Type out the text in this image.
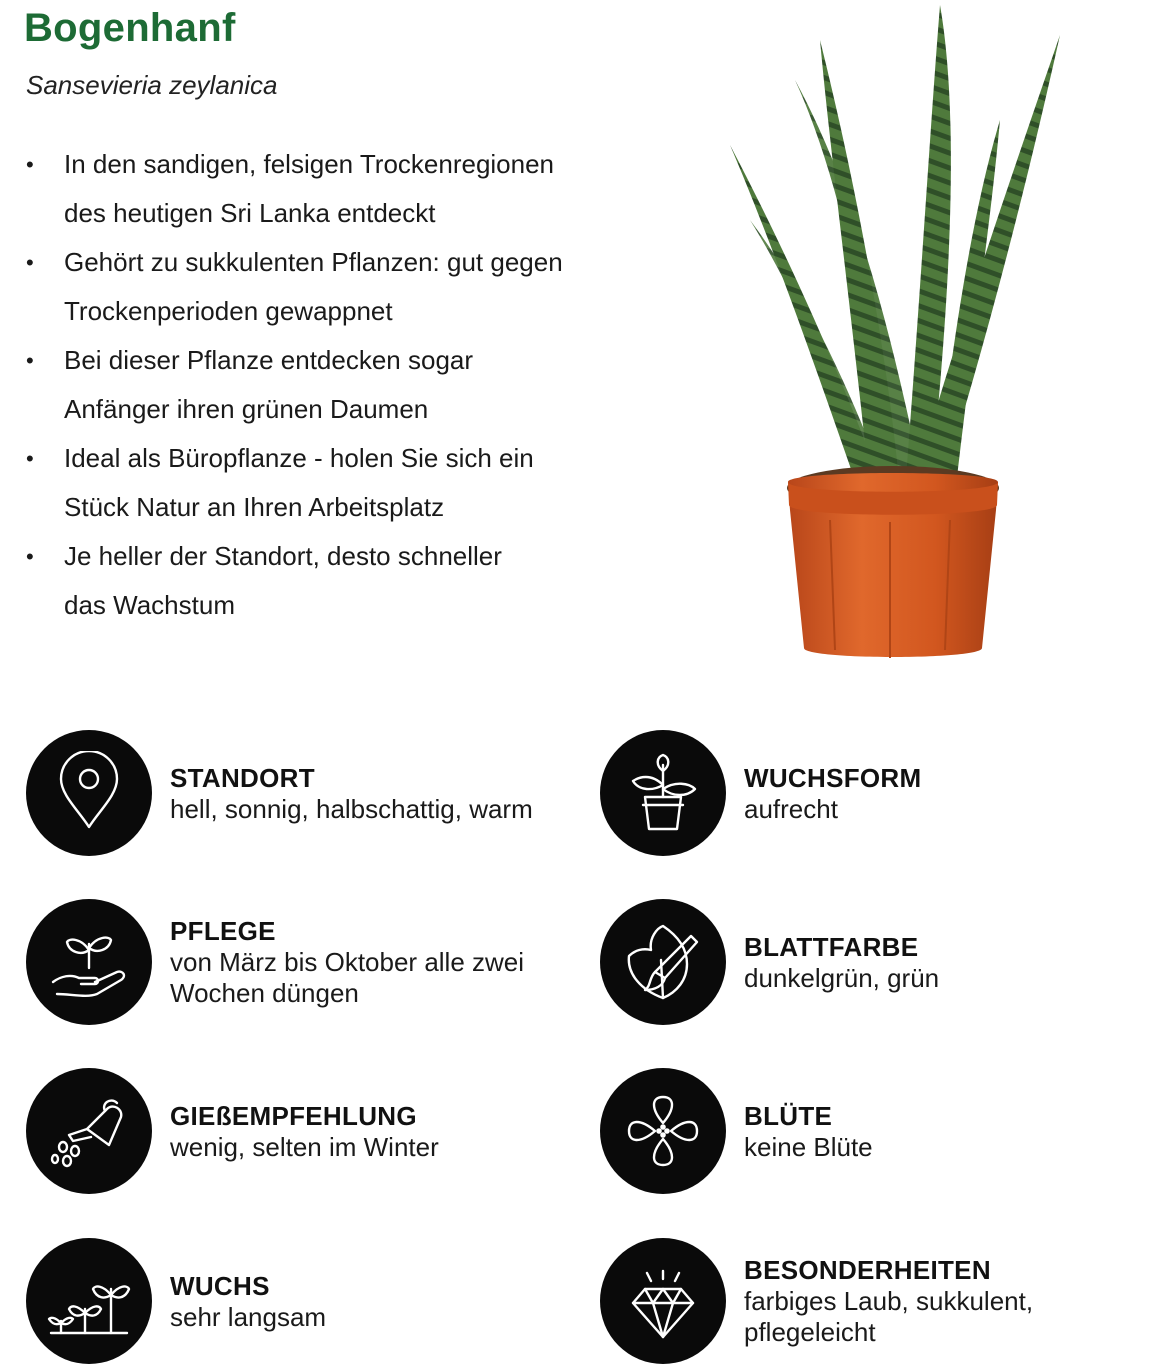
Bogenhanf
Sansevieria zeylanica
• In den sandigen, felsigen Trockenregionen
des heutigen Sri Lanka entdeckt
• Gehört zu sukkulenten Pflanzen: gut gegen
Trockenperioden gewappnet
• Bei dieser Pflanze entdecken sogar
Anfänger ihren grünen Daumen
• Ideal als Büropflanze - holen Sie sich ein
Stück Natur an Ihren Arbeitsplatz
• Je heller der Standort, desto schneller
das Wachstum
STANDORT
hell, sonnig, halbschattig, warm
WUCHSFORM
aufrecht
PFLEGE
von März bis Oktober alle zwei
Wochen düngen
BLATTFARBE
dunkelgrün, grün
GIEßEMPFEHLUNG
wenig, selten im Winter
BLÜTE
keine Blüte
WUCHS
sehr langsam
BESONDERHEITEN
farbiges Laub, sukkulent,
pflegeleicht
